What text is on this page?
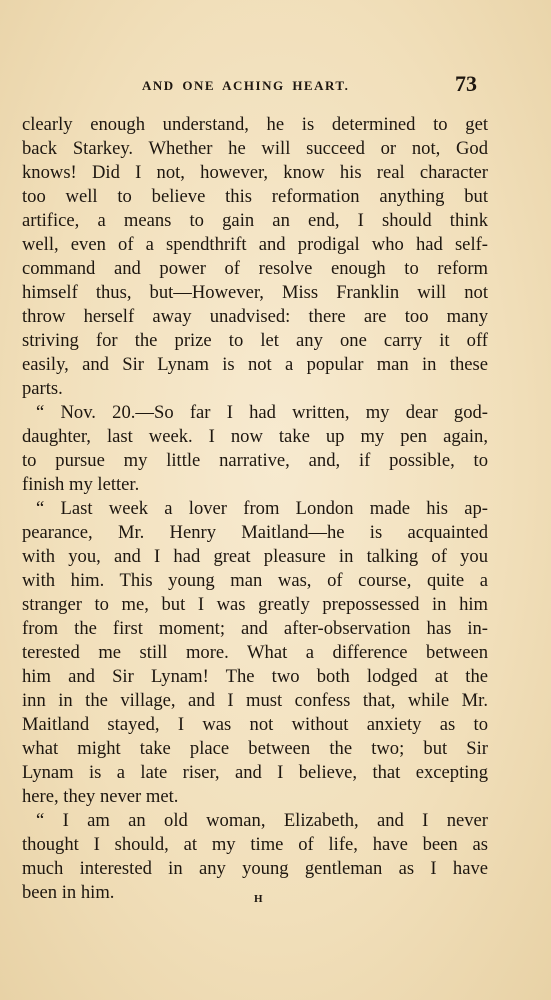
AND ONE ACHING HEART.	73
clearly enough understand, he is determined to get
back Starkey. Whether he will succeed or not, God
knows! Did I not, however, know his real character
too well to believe this reformation anything but
artifice, a means to gain an end, I should think
well, even of a spendthrift and prodigal who had self-
command and power of resolve enough to reform
himself thus, but—However, Miss Franklin will not
throw herself away unadvised: there are too many
striving for the prize to let any one carry it off
easily, and Sir Lynam is not a popular man in these
parts.
“ Nov. 20.—So far I had written, my dear god-
daughter, last week. I now take up my pen again,
to pursue my little narrative, and, if possible, to
finish my letter.
“ Last week a lover from London made his ap-
pearance, Mr. Henry Maitland—he is acquainted
with you, and I had great pleasure in talking of you
with him. This young man was, of course, quite a
stranger to me, but I was greatly prepossessed in him
from the first moment; and after-observation has in-
terested me still more. What a difference between
him and Sir Lynam! The two both lodged at the
inn in the village, and I must confess that, while Mr.
Maitland stayed, I was not without anxiety as to
what might take place between the two; but Sir
Lynam is a late riser, and I believe, that excepting
here, they never met.
“ I am an old woman, Elizabeth, and I never
thought I should, at my time of life, have been as
much interested in any young gentleman as I have
been in him.	H
